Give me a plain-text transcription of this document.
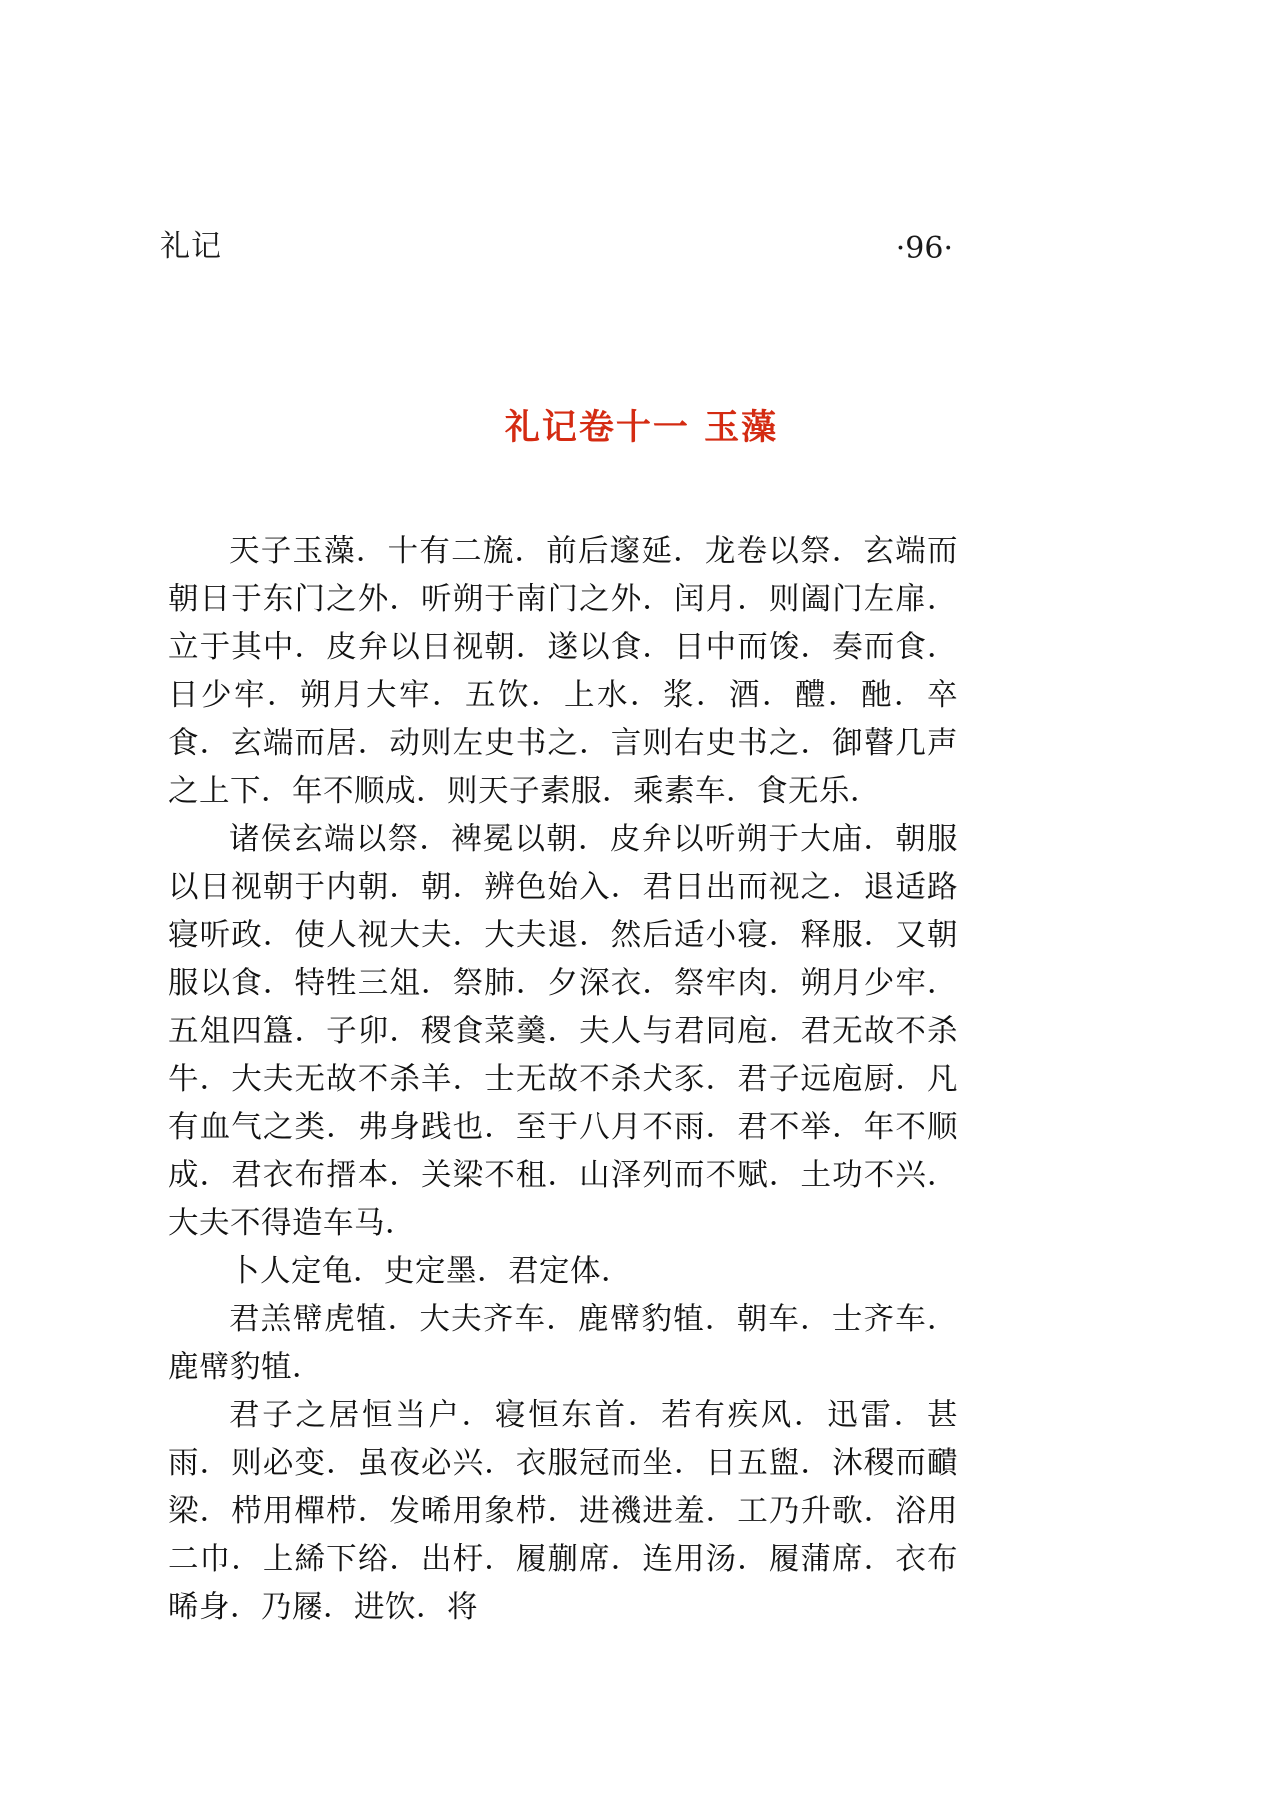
礼记	·96·
礼记卷十一 玉藻

天子玉藻．十有二旒．前后邃延．龙卷以祭．玄端而朝日于东门之外．听朔于南门之外．闰月．则阖门左扉．立于其中．皮弁以日视朝．遂以食．日中而馂．奏而食．日少牢．朔月大牢．五饮．上水．浆．酒．醴．酏．卒食．玄端而居．动则左史书之．言则右史书之．御瞽几声之上下．年不顺成．则天子素服．乘素车．食无乐．

诸侯玄端以祭．裨冕以朝．皮弁以听朔于大庙．朝服以日视朝于内朝．朝．辨色始入．君日出而视之．退适路寝听政．使人视大夫．大夫退．然后适小寝．释服．又朝服以食．特牲三俎．祭肺．夕深衣．祭牢肉．朔月少牢．五俎四簋．子卯．稷食菜羹．夫人与君同庖．君无故不杀牛．大夫无故不杀羊．士无故不杀犬豕．君子远庖厨．凡有血气之类．弗身践也．至于八月不雨．君不举．年不顺成．君衣布搢本．关梁不租．山泽列而不赋．土功不兴．大夫不得造车马．

卜人定龟．史定墨．君定体．

君羔幦虎犆．大夫齐车．鹿幦豹犆．朝车．士齐车．鹿幦豹犆．

君子之居恒当户．寝恒东首．若有疾风．迅雷．甚雨．则必变．虽夜必兴．衣服冠而坐．日五盥．沐稷而靧梁．栉用樿栉．发晞用象栉．进禨进羞．工乃升歌．浴用二巾．上絺下绤．出杅．履蒯席．连用汤．履蒲席．衣布晞身．乃屦．进饮．将
